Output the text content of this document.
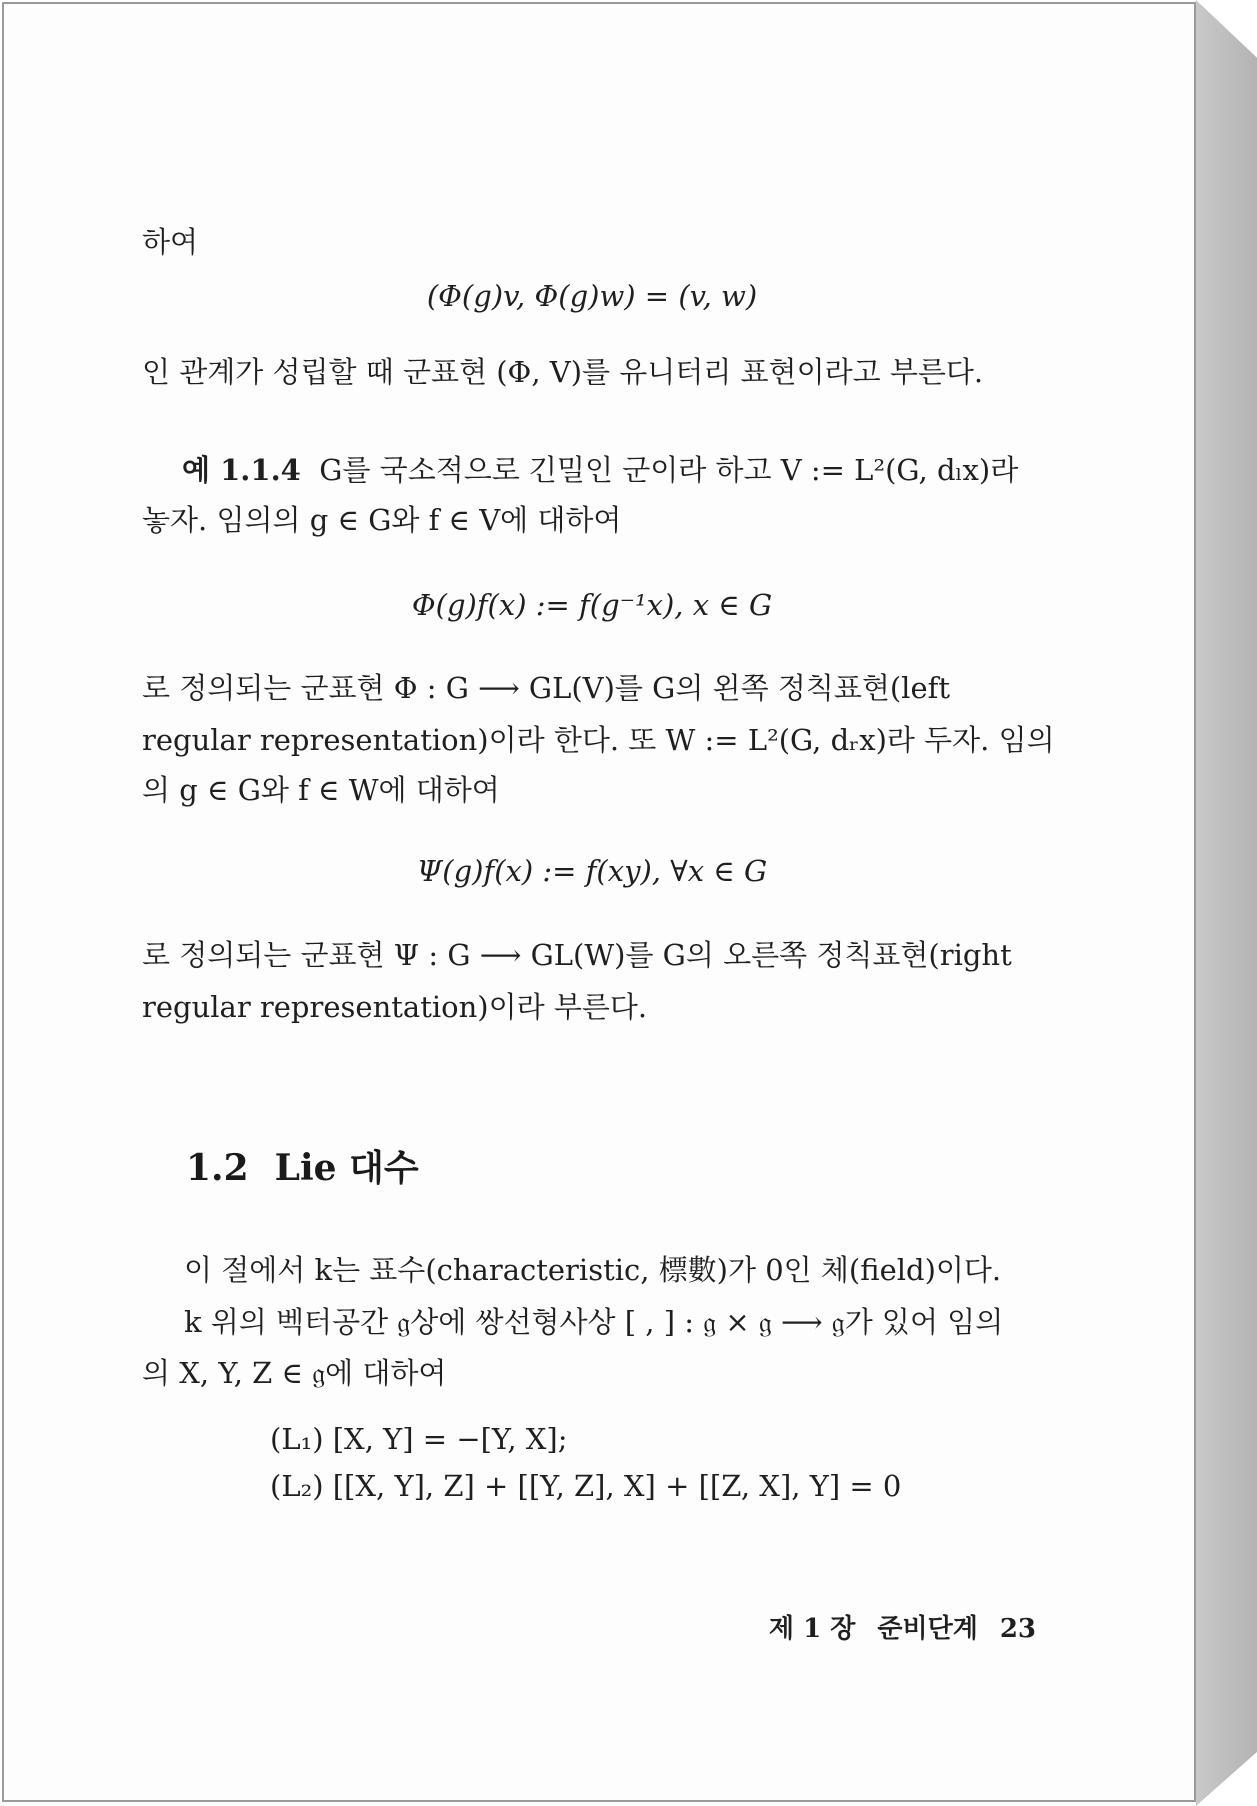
하여

(Φ(g)v, Φ(g)w) = (v, w)

인 관계가 성립할 때 군표현 (Φ, V)를 유니터리 표현이라고 부른다.

예 1.1.4 G를 국소적으로 긴밀인 군이라 하고 V := L²(G, dₗx)라

놓자. 임의의 g ∈ G와 f ∈ V에 대하여

Φ(g)f(x) := f(g⁻¹x), x ∈ G

로 정의되는 군표현 Φ : G ⟶ GL(V)를 G의 왼쪽 정칙표현(left

regular representation)이라 한다. 또 W := L²(G, dᵣx)라 두자. 임의

의 g ∈ G와 f ∈ W에 대하여

Ψ(g)f(x) := f(xy), ∀x ∈ G

로 정의되는 군표현 Ψ : G ⟶ GL(W)를 G의 오른쪽 정칙표현(right

regular representation)이라 부른다.

1.2 Lie 대수

이 절에서 k는 표수(characteristic, 標數)가 0인 체(field)이다.

k 위의 벡터공간 𝔤상에 쌍선형사상 [ , ] : 𝔤 × 𝔤 ⟶ 𝔤가 있어 임의

의 X, Y, Z ∈ 𝔤에 대하여

(L₁) [X, Y] = −[Y, X];
(L₂) [[X, Y], Z] + [[Y, Z], X] + [[Z, X], Y] = 0
제 1 장 준비단계 23
